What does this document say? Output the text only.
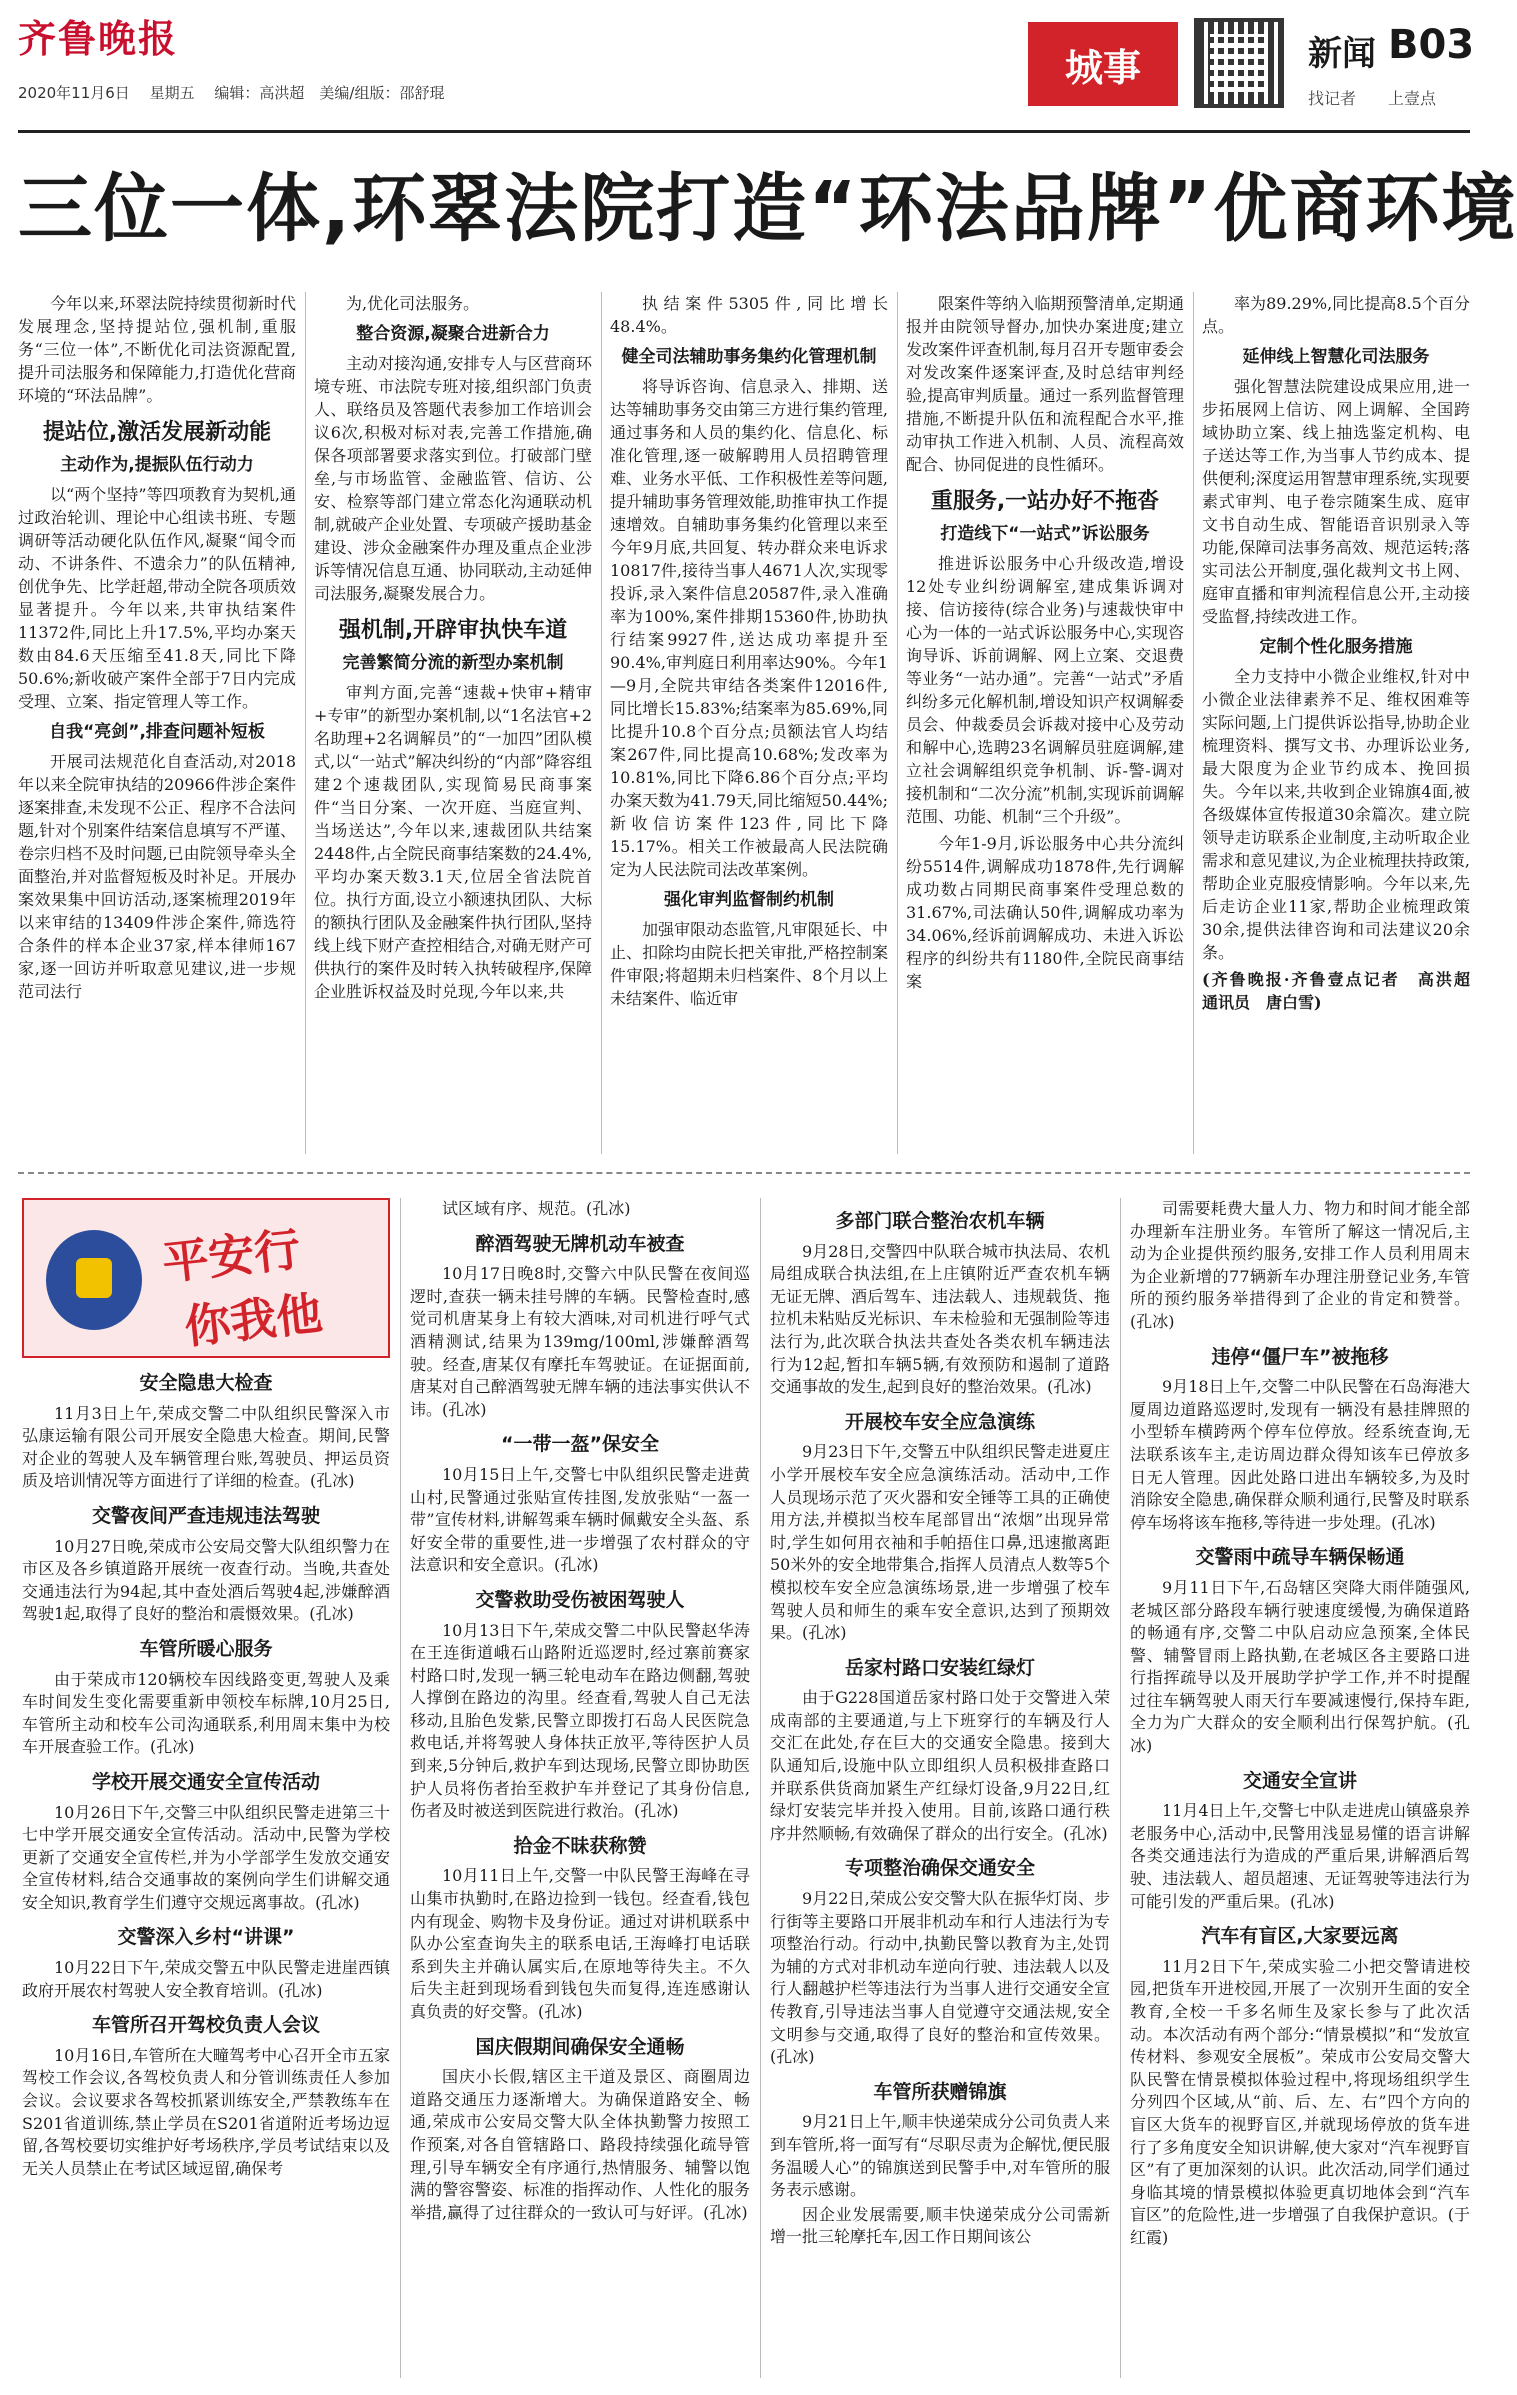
齐鲁晚报
2020年11月6日　 星期五　 编辑：高洪超　美编/组版：邵舒琨
城事	新闻 B03
找记者　　上壹点
三位一体,环翠法院打造“环法品牌”优商环境

今年以来,环翠法院持续贯彻新时代发展理念,坚持提站位,强机制,重服务“三位一体”,不断优化司法资源配置,提升司法服务和保障能力,打造优化营商环境的“环法品牌”。

提站位,激活发展新动能
主动作为,提振队伍行动力

以“两个坚持”等四项教育为契机,通过政治轮训、理论中心组读书班、专题调研等活动硬化队伍作风,凝聚“闻令而动、不讲条件、不遗余力”的队伍精神,创优争先、比学赶超,带动全院各项质效显著提升。今年以来,共审执结案件11372件,同比上升17.5%,平均办案天数由84.6天压缩至41.8天,同比下降50.6%;新收破产案件全部于7日内完成受理、立案、指定管理人等工作。

自我“亮剑”,排查问题补短板

开展司法规范化自查活动,对2018年以来全院审执结的20966件涉企案件逐案排查,未发现不公正、程序不合法问题,针对个别案件结案信息填写不严谨、卷宗归档不及时问题,已由院领导牵头全面整治,并对监督短板及时补足。开展办案效果集中回访活动,逐案梳理2019年以来审结的13409件涉企案件,筛选符合条件的样本企业37家,样本律师167家,逐一回访并听取意见建议,进一步规范司法行

为,优化司法服务。

整合资源,凝聚合进新合力

主动对接沟通,安排专人与区营商环境专班、市法院专班对接,组织部门负责人、联络员及答题代表参加工作培训会议6次,积极对标对表,完善工作措施,确保各项部署要求落实到位。打破部门壁垒,与市场监管、金融监管、信访、公安、检察等部门建立常态化沟通联动机制,就破产企业处置、专项破产援助基金建设、涉众金融案件办理及重点企业涉诉等情况信息互通、协同联动,主动延伸司法服务,凝聚发展合力。

强机制,开辟审执快车道
完善繁简分流的新型办案机制

审判方面,完善“速裁+快审+精审+专审”的新型办案机制,以“1名法官+2名助理+2名调解员”的“一加四”团队模式,以“一站式”解决纠纷的“内部”降容组建2个速裁团队,实现简易民商事案件“当日分案、一次开庭、当庭宣判、当场送达”,今年以来,速裁团队共结案2448件,占全院民商事结案数的24.4%,平均办案天数3.1天,位居全省法院首位。执行方面,设立小额速执团队、大标的额执行团队及金融案件执行团队,坚持线上线下财产查控相结合,对确无财产可供执行的案件及时转入执转破程序,保障企业胜诉权益及时兑现,今年以来,共

执结案件5305件,同比增长48.4%。

健全司法辅助事务集约化管理机制

将导诉咨询、信息录入、排期、送达等辅助事务交由第三方进行集约管理,通过事务和人员的集约化、信息化、标准化管理,逐一破解聘用人员招聘管理难、业务水平低、工作积极性差等问题,提升辅助事务管理效能,助推审执工作提速增效。自辅助事务集约化管理以来至今年9月底,共回复、转办群众来电诉求10817件,接待当事人4671人次,实现零投诉,录入案件信息20587件,录入准确率为100%,案件排期15360件,协助执行结案9927件,送达成功率提升至90.4%,审判庭日利用率达90%。今年1—9月,全院共审结各类案件12016件,同比增长15.83%;结案率为85.69%,同比提升10.8个百分点;员额法官人均结案267件,同比提高10.68%;发改率为10.81%,同比下降6.86个百分点;平均办案天数为41.79天,同比缩短50.44%;新收信访案件123件,同比下降15.17%。相关工作被最高人民法院确定为人民法院司法改革案例。

强化审判监督制约机制

加强审限动态监管,凡审限延长、中止、扣除均由院长把关审批,严格控制案件审限;将超期未归档案件、8个月以上未结案件、临近审

限案件等纳入临期预警清单,定期通报并由院领导督办,加快办案进度;建立发改案件评查机制,每月召开专题审委会对发改案件逐案评查,及时总结审判经验,提高审判质量。通过一系列监督管理措施,不断提升队伍和流程配合水平,推动审执工作进入机制、人员、流程高效配合、协同促进的良性循环。

重服务,一站办好不拖沓
打造线下“一站式”诉讼服务

推进诉讼服务中心升级改造,增设12处专业纠纷调解室,建成集诉调对接、信访接待(综合业务)与速裁快审中心为一体的一站式诉讼服务中心,实现咨询导诉、诉前调解、网上立案、交退费等业务“一站办通”。完善“一站式”矛盾纠纷多元化解机制,增设知识产权调解委员会、仲裁委员会诉裁对接中心及劳动和解中心,选聘23名调解员驻庭调解,建立社会调解组织竞争机制、诉-警-调对接机制和“二次分流”机制,实现诉前调解范围、功能、机制“三个升级”。

今年1-9月,诉讼服务中心共分流纠纷5514件,调解成功1878件,先行调解成功数占同期民商事案件受理总数的31.67%,司法确认50件,调解成功率为34.06%,经诉前调解成功、未进入诉讼程序的纠纷共有1180件,全院民商事结案

率为89.29%,同比提高8.5个百分点。

延伸线上智慧化司法服务

强化智慧法院建设成果应用,进一步拓展网上信访、网上调解、全国跨域协助立案、线上抽选鉴定机构、电子送达等工作,为当事人节约成本、提供便利;深度运用智慧审理系统,实现要素式审判、电子卷宗随案生成、庭审文书自动生成、智能语音识别录入等功能,保障司法事务高效、规范运转;落实司法公开制度,强化裁判文书上网、庭审直播和审判流程信息公开,主动接受监督,持续改进工作。

定制个性化服务措施

全力支持中小微企业维权,针对中小微企业法律素养不足、维权困难等实际问题,上门提供诉讼指导,协助企业梳理资料、撰写文书、办理诉讼业务,最大限度为企业节约成本、挽回损失。今年以来,共收到企业锦旗4面,被各级媒体宣传报道30余篇次。建立院领导走访联系企业制度,主动听取企业需求和意见建议,为企业梳理扶持政策,帮助企业克服疫情影响。今年以来,先后走访企业11家,帮助企业梳理政策30余,提供法律咨询和司法建议20余条。

(齐鲁晚报·齐鲁壹点记者　高洪超　通讯员　唐白雪)
平安行
你我他
安全隐患大检查

11月3日上午,荣成交警二中队组织民警深入市弘康运输有限公司开展安全隐患大检查。期间,民警对企业的驾驶人及车辆管理台账,驾驶员、押运员资质及培训情况等方面进行了详细的检查。(孔冰)

交警夜间严查违规违法驾驶

10月27日晚,荣成市公安局交警大队组织警力在市区及各乡镇道路开展统一夜查行动。当晚,共查处交通违法行为94起,其中查处酒后驾驶4起,涉嫌醉酒驾驶1起,取得了良好的整治和震慑效果。(孔冰)

车管所暖心服务

由于荣成市120辆校车因线路变更,驾驶人及乘车时间发生变化需要重新申领校车标牌,10月25日,车管所主动和校车公司沟通联系,利用周末集中为校车开展查验工作。(孔冰)

学校开展交通安全宣传活动

10月26日下午,交警三中队组织民警走进第三十七中学开展交通安全宣传活动。活动中,民警为学校更新了交通安全宣传栏,并为小学部学生发放交通安全宣传材料,结合交通事故的案例向学生们讲解交通安全知识,教育学生们遵守交规远离事故。(孔冰)

交警深入乡村“讲课”

10月22日下午,荣成交警五中队民警走进崖西镇政府开展农村驾驶人安全教育培训。(孔冰)

车管所召开驾校负责人会议

10月16日,车管所在大疃驾考中心召开全市五家驾校工作会议,各驾校负责人和分管训练责任人参加会议。会议要求各驾校抓紧训练安全,严禁教练车在S201省道训练,禁止学员在S201省道附近考场边逗留,各驾校要切实维护好考场秩序,学员考试结束以及无关人员禁止在考试区域逗留,确保考

试区域有序、规范。(孔冰)

醉酒驾驶无牌机动车被查

10月17日晚8时,交警六中队民警在夜间巡逻时,查获一辆未挂号牌的车辆。民警检查时,感觉司机唐某身上有较大酒味,对司机进行呼气式酒精测试,结果为139mg/100ml,涉嫌醉酒驾驶。经查,唐某仅有摩托车驾驶证。在证据面前,唐某对自己醉酒驾驶无牌车辆的违法事实供认不讳。(孔冰)

“一带一盔”保安全

10月15日上午,交警七中队组织民警走进黄山村,民警通过张贴宣传挂图,发放张贴“一盔一带”宣传材料,讲解驾乘车辆时佩戴安全头盔、系好安全带的重要性,进一步增强了农村群众的守法意识和安全意识。(孔冰)

交警救助受伤被困驾驶人

10月13日下午,荣成交警二中队民警赵华涛在王连街道峨石山路附近巡逻时,经过寨前赛家村路口时,发现一辆三轮电动车在路边侧翻,驾驶人撑倒在路边的沟里。经查看,驾驶人自己无法移动,且胎色发紫,民警立即拨打石岛人民医院急救电话,并将驾驶人身体扶正放平,等待医护人员到来,5分钟后,救护车到达现场,民警立即协助医护人员将伤者抬至救护车并登记了其身份信息,伤者及时被送到医院进行救治。(孔冰)

拾金不昧获称赞

10月11日上午,交警一中队民警王海峰在寻山集市执勤时,在路边捡到一钱包。经查看,钱包内有现金、购物卡及身份证。通过对讲机联系中队办公室查询失主的联系电话,王海峰打电话联系到失主并确认属实后,在原地等待失主。不久后失主赶到现场看到钱包失而复得,连连感谢认真负责的好交警。(孔冰)

国庆假期间确保安全通畅

国庆小长假,辖区主干道及景区、商圈周边道路交通压力逐渐增大。为确保道路安全、畅通,荣成市公安局交警大队全体执勤警力按照工作预案,对各自管辖路口、路段持续强化疏导管理,引导车辆安全有序通行,热情服务、辅警以饱满的警容警姿、标准的指挥动作、人性化的服务举措,赢得了过往群众的一致认可与好评。(孔冰)

多部门联合整治农机车辆

9月28日,交警四中队联合城市执法局、农机局组成联合执法组,在上庄镇附近严查农机车辆无证无牌、酒后驾车、违法载人、违规载货、拖拉机未粘贴反光标识、车未检验和无强制险等违法行为,此次联合执法共查处各类农机车辆违法行为12起,暂扣车辆5辆,有效预防和遏制了道路交通事故的发生,起到良好的整治效果。(孔冰)

开展校车安全应急演练

9月23日下午,交警五中队组织民警走进夏庄小学开展校车安全应急演练活动。活动中,工作人员现场示范了灭火器和安全锤等工具的正确使用方法,并模拟当校车尾部冒出“浓烟”出现异常时,学生如何用衣袖和手帕捂住口鼻,迅速撤离距50米外的安全地带集合,指挥人员清点人数等5个模拟校车安全应急演练场景,进一步增强了校车驾驶人员和师生的乘车安全意识,达到了预期效果。(孔冰)

岳家村路口安装红绿灯

由于G228国道岳家村路口处于交警进入荣成南部的主要通道,与上下班穿行的车辆及行人交汇在此处,存在巨大的交通安全隐患。接到大队通知后,设施中队立即组织人员积极排查路口并联系供货商加紧生产红绿灯设备,9月22日,红绿灯安装完毕并投入使用。目前,该路口通行秩序井然顺畅,有效确保了群众的出行安全。(孔冰)

专项整治确保交通安全

9月22日,荣成公安交警大队在振华灯岗、步行街等主要路口开展非机动车和行人违法行为专项整治行动。行动中,执勤民警以教育为主,处罚为辅的方式对非机动车逆向行驶、违法载人以及行人翻越护栏等违法行为当事人进行交通安全宣传教育,引导违法当事人自觉遵守交通法规,安全文明参与交通,取得了良好的整治和宣传效果。(孔冰)

车管所获赠锦旗

9月21日上午,顺丰快递荣成分公司负责人来到车管所,将一面写有“尽职尽责为企解忧,便民服务温暖人心”的锦旗送到民警手中,对车管所的服务表示感谢。

因企业发展需要,顺丰快递荣成分公司需新增一批三轮摩托车,因工作日期间该公

司需要耗费大量人力、物力和时间才能全部办理新车注册业务。车管所了解这一情况后,主动为企业提供预约服务,安排工作人员利用周末为企业新增的77辆新车办理注册登记业务,车管所的预约服务举措得到了企业的肯定和赞誉。(孔冰)

违停“僵尸车”被拖移

9月18日上午,交警二中队民警在石岛海港大厦周边道路巡逻时,发现有一辆没有悬挂牌照的小型轿车横跨两个停车位停放。经系统查询,无法联系该车主,走访周边群众得知该车已停放多日无人管理。因此处路口进出车辆较多,为及时消除安全隐患,确保群众顺利通行,民警及时联系停车场将该车拖移,等待进一步处理。(孔冰)

交警雨中疏导车辆保畅通

9月11日下午,石岛辖区突降大雨伴随强风,老城区部分路段车辆行驶速度缓慢,为确保道路的畅通有序,交警二中队启动应急预案,全体民警、辅警冒雨上路执勤,在老城区各主要路口进行指挥疏导以及开展助学护学工作,并不时提醒过往车辆驾驶人雨天行车要减速慢行,保持车距,全力为广大群众的安全顺利出行保驾护航。(孔冰)

交通安全宣讲

11月4日上午,交警七中队走进虎山镇盛泉养老服务中心,活动中,民警用浅显易懂的语言讲解各类交通违法行为造成的严重后果,讲解酒后驾驶、违法载人、超员超速、无证驾驶等违法行为可能引发的严重后果。(孔冰)

汽车有盲区,大家要远离

11月2日下午,荣成实验二小把交警请进校园,把货车开进校园,开展了一次别开生面的安全教育,全校一千多名师生及家长参与了此次活动。本次活动有两个部分:“情景模拟”和“发放宣传材料、参观安全展板”。荣成市公安局交警大队民警在情景模拟体验过程中,将现场组织学生分列四个区域,从“前、后、左、右”四个方向的盲区大货车的视野盲区,并就现场停放的货车进行了多角度安全知识讲解,使大家对“汽车视野盲区”有了更加深刻的认识。此次活动,同学们通过身临其境的情景模拟体验更真切地体会到“汽车盲区”的危险性,进一步增强了自我保护意识。(于红霞)
